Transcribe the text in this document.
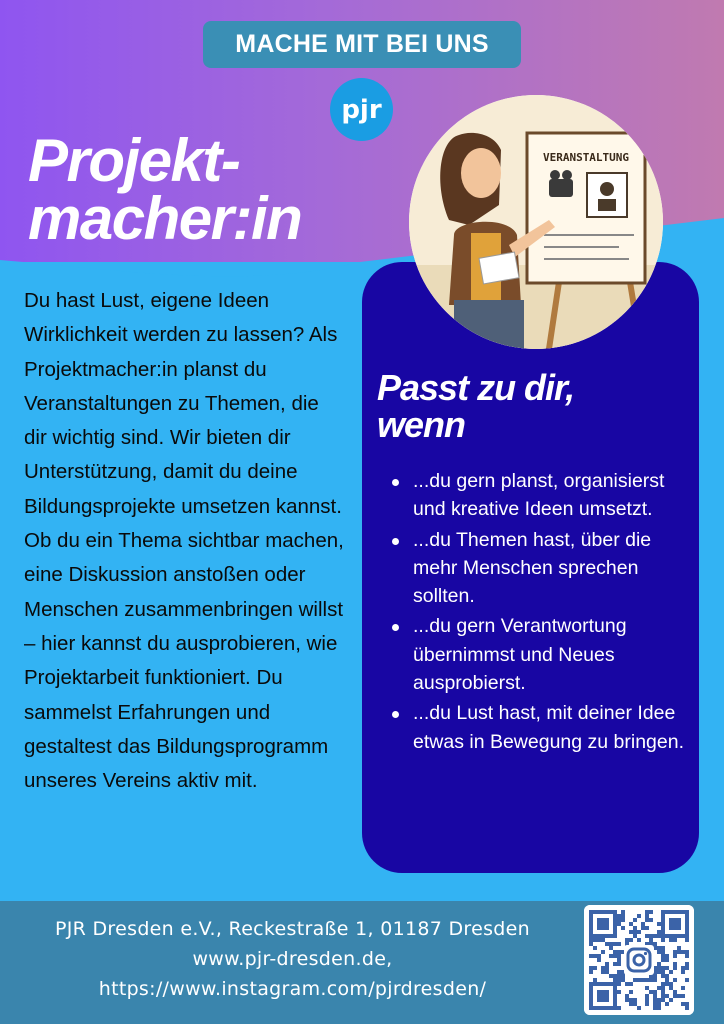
MACHE MIT BEI UNS
pjr
Projekt-
macher:in

Du hast Lust, eigene Ideen Wirklichkeit werden zu lassen? Als Projektmacher:in planst du Veranstaltungen zu Themen, die dir wichtig sind. Wir bieten dir Unterstützung, damit du deine Bildungsprojekte umsetzen kannst.

Ob du ein Thema sichtbar machen, eine Diskussion anstoßen oder Menschen zusammenbringen willst – hier kannst du ausprobieren, wie Projektarbeit funktioniert. Du sammelst Erfahrungen und gestaltest das Bildungsprogramm unseres Vereins aktiv mit.

VERANSTALTUNG
Passt zu dir,
wenn
...du gern planst, organisierst und kreative Ideen umsetzt.
...du Themen hast, über die mehr Menschen sprechen sollten.
...du gern Verantwortung übernimmst und Neues ausprobierst.
...du Lust hast, mit deiner Idee etwas in Bewegung zu bringen.
PJR Dresden e.V., Reckestraße 1, 01187 Dresden
www.pjr-dresden.de,
https://www.instagram.com/pjrdresden/
